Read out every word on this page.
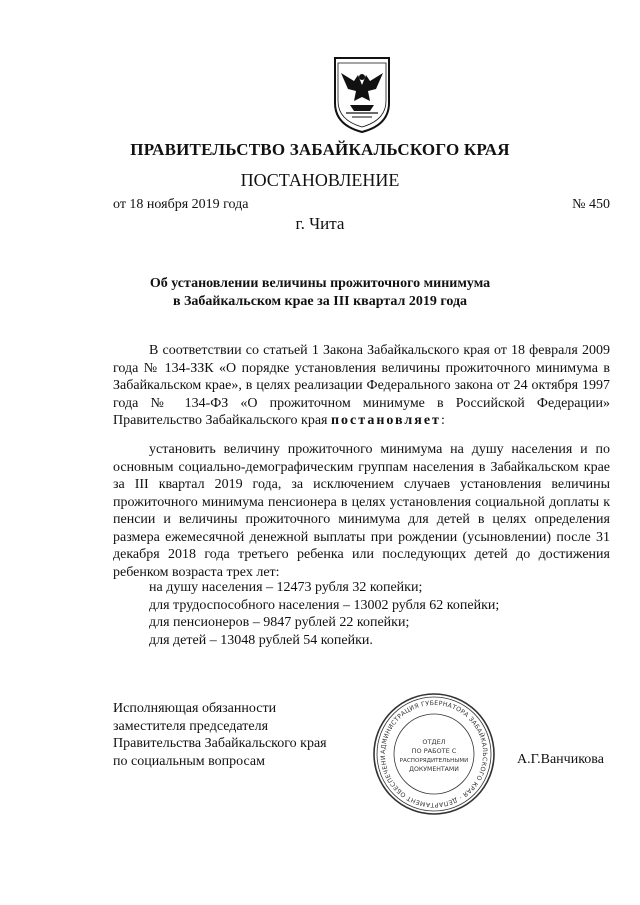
ПРАВИТЕЛЬСТВО ЗАБАЙКАЛЬСКОГО КРАЯ
ПОСТАНОВЛЕНИЕ
от 18 ноября 2019 года	№ 450
г. Чита
Об установлении величины прожиточного минимума
в Забайкальском крае за III квартал 2019 года
В соответствии со статьей 1 Закона Забайкальского края от 18 февраля 2009 года № 134-ЗЗК «О порядке установления величины прожиточного минимума в Забайкальском крае», в целях реализации Федерального закона от 24 октября 1997 года № 134-ФЗ «О прожиточном минимуме в Российской Федерации» Правительство Забайкальского края постановляет:
установить величину прожиточного минимума на душу населения и по основным социально-демографическим группам населения в Забайкальском крае за III квартал 2019 года, за исключением случаев установления величины прожиточного минимума пенсионера в целях установления социальной доплаты к пенсии и величины прожиточного минимума для детей в целях определения размера ежемесячной денежной выплаты при рождении (усыновлении) после 31 декабря 2018 года третьего ребенка или последующих детей до достижения ребенком возраста трех лет:
на душу населения – 12473 рубля 32 копейки;
для трудоспособного населения – 13002 рубля 62 копейки;
для пенсионеров – 9847 рублей 22 копейки;
для детей – 13048 рублей 54 копейки.
Исполняющая обязанности
заместителя председателя
Правительства Забайкальского края
по социальным вопросам
АДМИНИСТРАЦИЯ ГУБЕРНАТОРА ЗАБАЙКАЛЬСКОГО КРАЯ · ДЕПАРТАМЕНТ ОБЕСПЕЧЕНИ
ОТДЕЛ
ПО РАБОТЕ С
РАСПОРЯДИТЕЛЬНЫМИ
ДОКУМЕНТАМИ
А.Г.Ванчикова
